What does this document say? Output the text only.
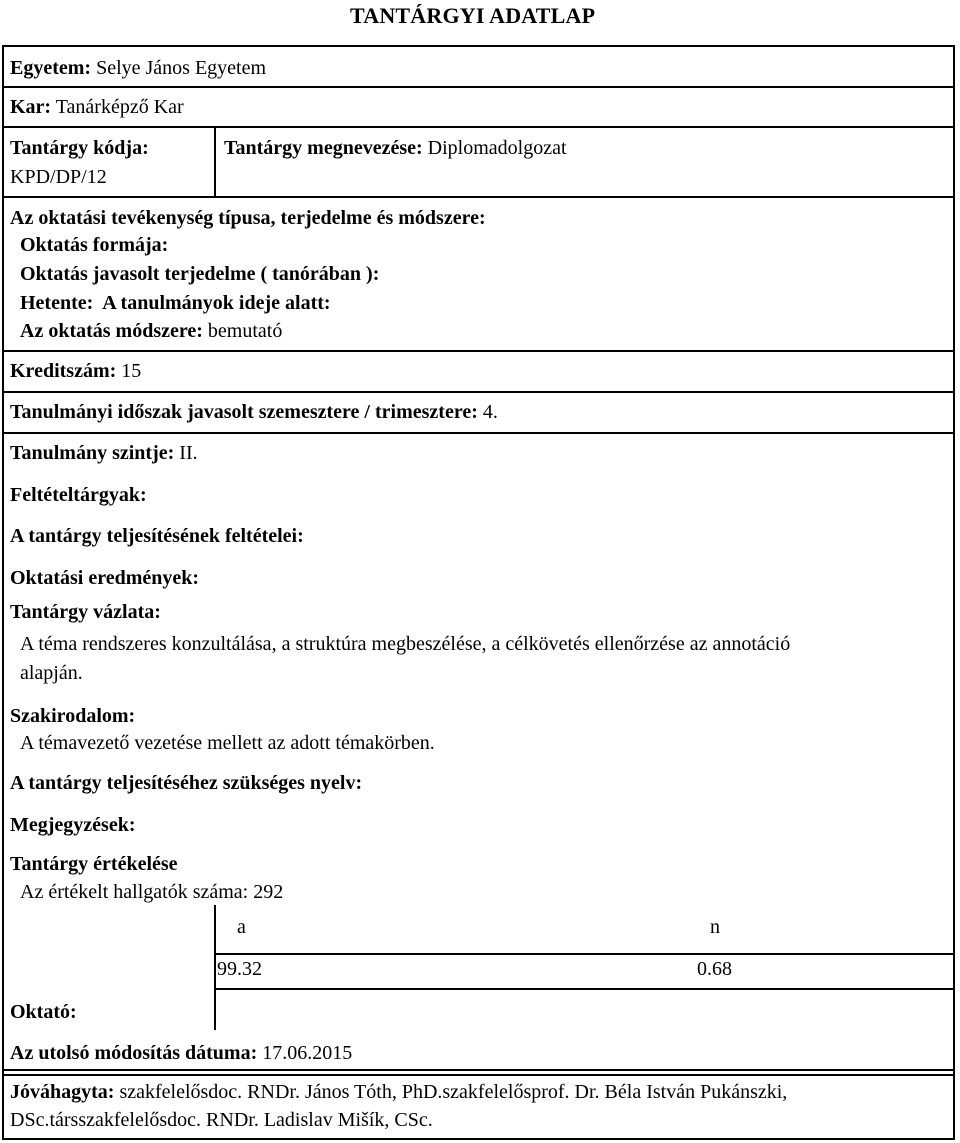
TANTÁRGYI ADATLAP
Egyetem: Selye János Egyetem
Kar: Tanárképző Kar
Tantárgy kódja:
KPD/DP/12
Tantárgy megnevezése: Diplomadolgozat
Az oktatási tevékenység típusa, terjedelme és módszere:
Oktatás formája:
Oktatás javasolt terjedelme ( tanórában ):
Hetente: A tanulmányok ideje alatt:
Az oktatás módszere: bemutató
Kreditszám: 15
Tanulmányi időszak javasolt szemesztere / trimesztere: 4.
Tanulmány szintje: II.
Feltételtárgyak:
A tantárgy teljesítésének feltételei:
Oktatási eredmények:
Tantárgy vázlata:
A téma rendszeres konzultálása, a struktúra megbeszélése, a célkövetés ellenőrzése az annotáció
alapján.
Szakirodalom:
A témavezető vezetése mellett az adott témakörben.
A tantárgy teljesítéséhez szükséges nyelv:
Megjegyzések:
Tantárgy értékelése
Az értékelt hallgatók száma: 292
a	n
99.32	0.68
Oktató:
Az utolsó módosítás dátuma: 17.06.2015
Jóváhagyta: szakfelelősdoc. RNDr. János Tóth, PhD.szakfelelősprof. Dr. Béla István Pukánszki,
DSc.társszakfelelősdoc. RNDr. Ladislav Mišík, CSc.
